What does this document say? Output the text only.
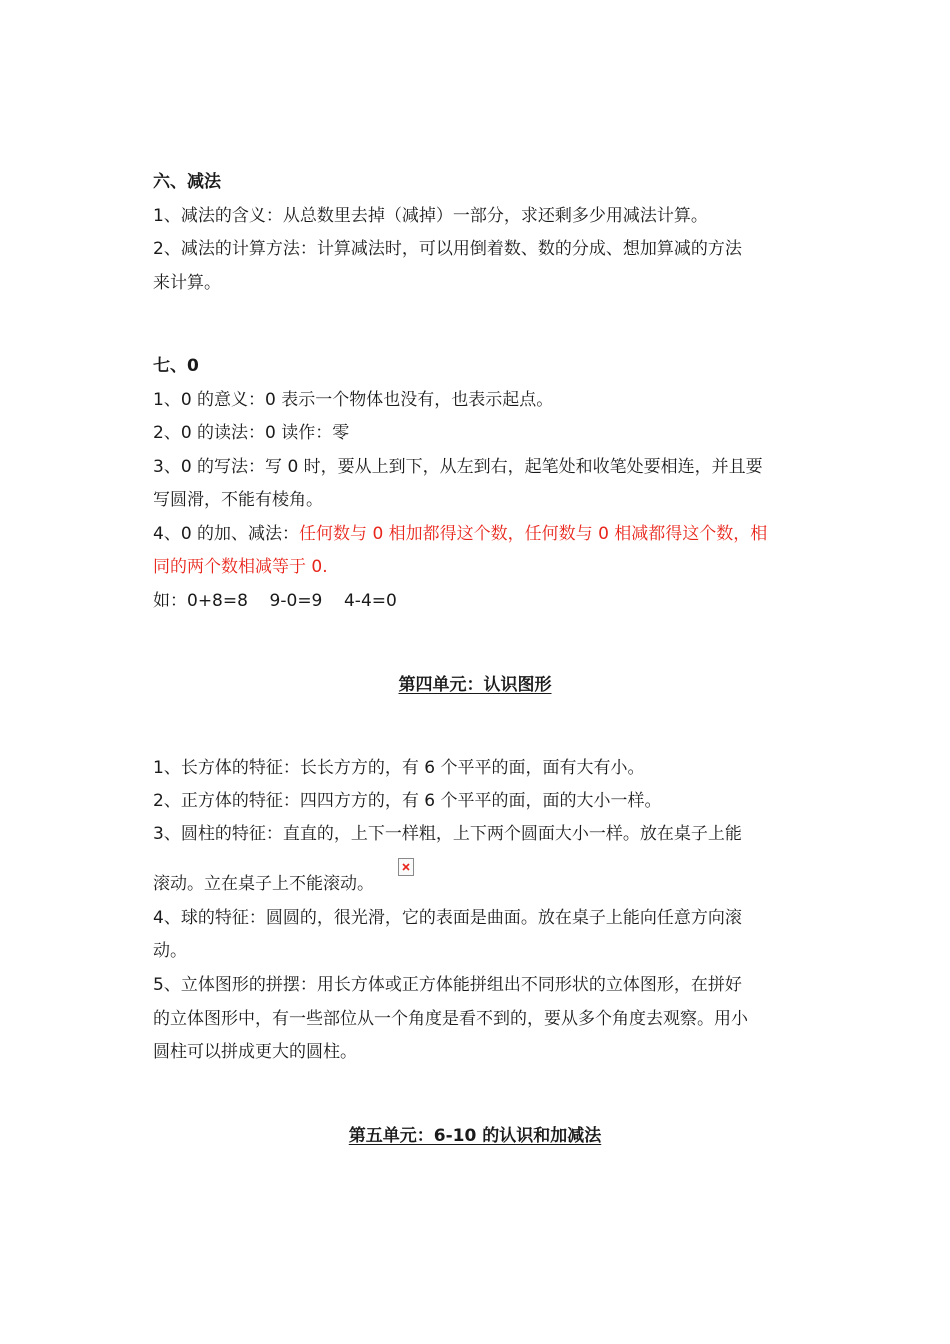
六、减法
1、减法的含义：从总数里去掉（减掉）一部分，求还剩多少用减法计算。
2、减法的计算方法：计算减法时，可以用倒着数、数的分成、想加算减的方法
来计算。
七、0
1、0 的意义：0 表示一个物体也没有，也表示起点。
2、0 的读法：0 读作：零
3、0 的写法：写 0 时，要从上到下，从左到右，起笔处和收笔处要相连，并且要
写圆滑，不能有棱角。
4、0 的加、减法：任何数与 0 相加都得这个数，任何数与 0 相减都得这个数，相
同的两个数相减等于 0.
如：0+8=8    9-0=9    4-4=0
第四单元：认识图形
1、长方体的特征：长长方方的，有 6 个平平的面，面有大有小。
2、正方体的特征：四四方方的，有 6 个平平的面，面的大小一样。
3、圆柱的特征：直直的，上下一样粗，上下两个圆面大小一样。放在桌子上能
滚动。立在桌子上不能滚动。
4、球的特征：圆圆的，很光滑，它的表面是曲面。放在桌子上能向任意方向滚
动。
5、立体图形的拼摆：用长方体或正方体能拼组出不同形状的立体图形，在拼好
的立体图形中，有一些部位从一个角度是看不到的，要从多个角度去观察。用小
圆柱可以拼成更大的圆柱。
第五单元：6-10 的认识和加减法
